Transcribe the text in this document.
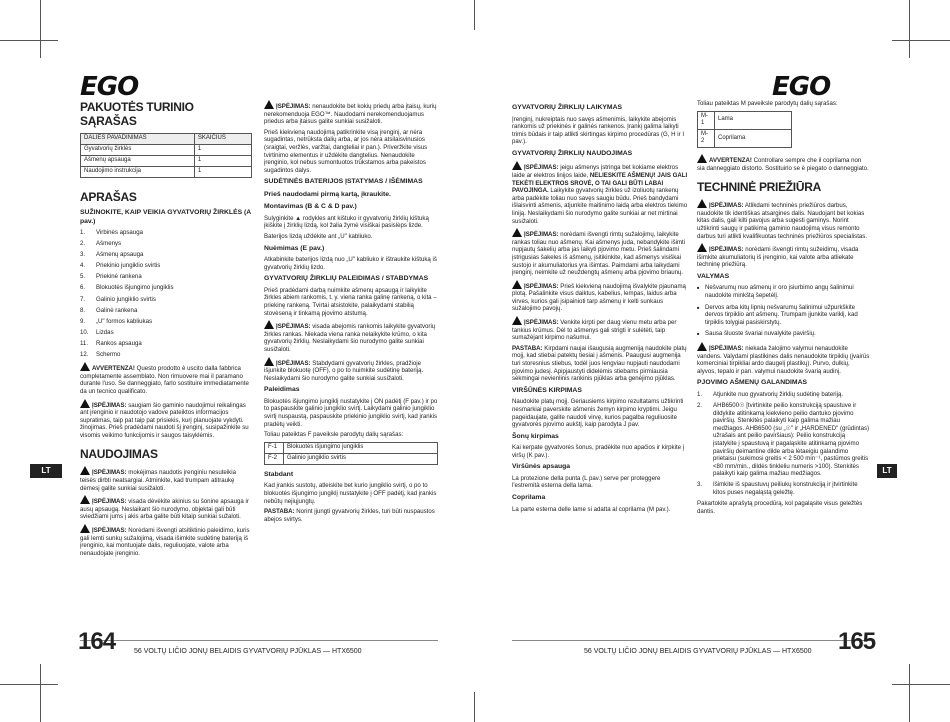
EGO	EGO
PAKUOTĖS TURINIO SĄRAŠAS
DALIES PAVADINIMAS	SKAIČIUS
Gyvatvorių žirklės	1
Ašmenų apsauga	1
Naudojimo instrukcija	1
APRAŠAS
SUŽINOKITE, KAIP VEIKIA GYVATVORIŲ ŽIRKLĖS (A pav.)
1. Virbinės apsauga
2. Ašmenys
3. Ašmenų apsauga
4. Priekinio jungiklio svirtis
5. Priekinė rankena
6. Blokuotės išjungimo jungiklis
7. Galinio jungiklio svirtis
8. Galinė rankena
9. „U" formos kabliukas
10. Lizdas
11. Rankos apsauga
12. Schermo

AVVERTENZA! Questo prodotto è uscito dalla fabbrica completamente assemblato. Non rimuovere mai il paramano durante l'uso. Se danneggiato, farlo sostituire immediatamente da un tecnico qualificato.

ĮSPĖJIMAS: saugiam šio gaminio naudojimui reikalingas ant įrenginio ir naudotojo vadove pateiktos informacijos supratimas, taip pat taip pat prisiekis, kurį planuojate vykdyti. žinojimas. Prieš pradėdami naudoti šį įrenginį, susipažinkite su visomis veikimo funkcijomis ir saugos taisyklėmis.

NAUDOJIMAS

ĮSPĖJIMAS: mokėjimas naudotis įrenginiu nesuteikia teisės dirbti neatsargiai. Atminkite, kad trumpam atitraukę dėmesį galite sunkiai susižaloti.

ĮSPĖJIMAS: visada dėvėkite akinius su šonine apsauga ir ausų apsaugą. Neslaikant šio nurodymo, objektai gali būti sviedžiami jums į akis arba galite būti kitaip sunkiai sužaloti.

ĮSPĖJIMAS: Norėdami išvengti atsitiktinio paleidimo, kuris gali lemti sunkų sužalojimą, visada išimkite sudėtinę bateriją iš įrenginio, kai montuojate dalis, reguliuojate, valote arba nenaudojate įrenginio.

ĮSPĖJIMAS: nenaudokite bet kokių priedų arba įtaisų, kurių nerekomenduoja EGO™. Naudodami nerekomenduojamus priedus arba įtaisus galite sunkiai susižaloti.

Prieš kiekvieną naudojimą patikrinkite visą įrenginį, ar nėra sugadintas, netrūksta dalių arba, ar jos nėra atsilaisvinusios (sraigtai, veržlės, varžtai, dangteliai ir pan.). Priveržkite visus tvirtinimo elementus ir uždėkite dangtelius. Nenaudokite įrenginio, kol nebus sumontuotos trūkstamos arba pakeistos sugadintos dalys.

SUDĖTINĖS BATERIJOS ĮSTATYMAS / IŠĖMIMAS
Prieš naudodami pirmą kartą, įkraukite.
Montavimas (B & C & D pav.)

Sulyginkite ▲ rodykles ant kištuko ir gyvatvorių žirklių kištuką įkiškite į žirklių lizdą, kol žalia žymė visiškai pasislėps lizde.

Baterijos lizdą uždėkite ant „U" kabliuko.

Nuėmimas (E pav.)

Atkabinkite baterijos lizdą nuo „U" kabliuko ir ištraukite kištuką iš gyvatvorių žirklių lizdo.

GYVATVORIŲ ŽIRKLIŲ PALEIDIMAS / STABDYMAS

Prieš pradėdami darbą nuimkite ašmenų apsaugą ir laikykite žirkles abiem rankomis, t. y. viena ranka galinę rankeną, o kita – priekinę rankeną. Tvirtai atsistokite, palaikydami stabilią stovėseną ir tinkamą pjovimo atstumą.

ĮSPĖJIMAS: visada abejomis rankomis laikykite gyvatvorių žirkles rankas. Niekada viena ranka nelaikykite krūmo, o kita gyvatvorių žirklių. Neslaikydami šio nurodymo galite sunkiai susižaloti.

ĮSPĖJIMAS: Stabdydami gyvatvorių žirkles, pradžioje išjunkite blokuotę (OFF), o po to nuimkite sudėtinę bateriją. Neslaikydami šio nurodymo galite sunkiai susižaloti.

Paleidimas

Blokuotės išjungimo jungiklį nustatykite į ON padėtį (F pav.) ir po to paspauskite galinio jungiklio svirtį. Laikydami galinio jungiklio svirtį nuspaustą, paspauskite priekinio jungiklio svirtį, kad įrankis pradėtų veikti.

Toliau pateiktas F paveiksle parodytų dalių sąrašas:

F-1	Blokuotės išjungimo jungiklis
F-2	Galinio jungiklio svirtis
Stabdant

Kad įrankis sustotų, atleiskite bet kurio jungiklio svirtį, o po to blokuotės išjungimo jungiklį nustatykite į OFF padėtį, kad įrankis nebūtų nejiųjungtų.

PASTABA: Norint įjungti gyvatvorių žirkles, turi būti nuspaustos abejos svirtys.

GYVATVORIŲ ŽIRKLIŲ LAIKYMAS

Įrenginį, nukreiptais nuo savęs ašmenimis, laikykite abejomis rankomis už priekinės ir galinės rankenos. Įrankį galima laikyti trimis būdais ir taip atlikti skirtingas kirpimo procedūras (G, H ir I pav.).

GYVATVORIŲ ŽIRKLIŲ NAUDOJIMAS

ĮSPĖJIMAS: jeigu ašmenys įstringa bet kokiame elektros laide ar elektros linijos laide, NELIESKITE AŠMENŲ! JAIS GALI TEKĖTI ELEKTROS SROVĖ, O TAI GALI BŪTI LABAI PAVOJINGA. Laikykite gyvatvorių žirkles už izoliuotų rankenų arba padėkite toliau nuo savęs saugiu būdu. Prieš bandydami išlaisvinti ašmenis, atjunkite maitinimo laidą arba elektros tiekimo liniją. Neslaikydami šio nurodymo galite sunkiai ar net mirtinai susižaloti.

ĮSPĖJIMAS: norėdami išvengti rimtų sužalojimų, laikykite rankas toliau nuo ašmenų. Kai ašmenys juda, nebandykite išimti nupjautų šakelių arba jas laikyti pjovimo metu. Prieš šalindami įstrigusias šakeles iš ašmenų, įsitikinkite, kad ašmenys visiškai sustojo ir akumuliatorius yra išimtas. Paimdami arba laikydami įrenginį, neimkite už neuždengtų ašmenų arba pjovimo briaunų.

ĮSPĖJIMAS: Prieš kiekvieną naudojimą išvalykite pjaunamą plotą. Pašalinkite visus daiktus, kabelius, lempas, laidus arba virves, kurios gali įsipainioti tarp ašmenų ir kelti sunkaus sužalojimo pavojų.

ĮSPĖJIMAS: Venkite kirpti per daug vienu metu arba per tankius krūmus. Dėl to ašmenys gali strigti ir sulėtėti, taip sumažėjant kirpimo našumui.

PASTABA: Kirpdami naujai išaugusią augmeniją naudokite platų mojį, kad stiebai patektų tiesiai į ašmenis. Paaugusi augmenija turi storesnius stiebus, todėl juos lengviau nupjauti naudodami pjovimo judesį. Apipjaustyti didelėmis stiebams pirmiausia sėkmingai nevienlinis rankinis pjūklas arba genėjimo pjūklas.

VIRŠŪNĖS KIRPIMAS

Naudokite platų mojį. Geriausiems kirpimo rezultatams užtikrinti nesmarkiai paverskite ašmenis žemyn kirpimo kryptimi. Jeigu pageidaujate, galite naudoti virvę, kurios pagalba reguliuosite gyvatvorės pjovimo aukštį, kaip parodyta J pav.

Šonų kirpimas

Kai kerpate gyvatvorės šonus, pradėkite nuo apačios ir kirpkite į viršų (K pav.).

Viršūnės apsauga

La protezione della punta (L pav.) serve per proteggere l'estremità esterna della lama.

Coprilama

La parte esterna delle lame si adatta al coprilama (M pav.).

Toliau pateiktas M paveiksle parodytų dalių sąrašas:

M-1	Lama
M-2	Coprilama

AVVERTENZA! Controllare sempre che il coprilama non sia danneggiato distorto. Sostituirlo se è piegato o danneggiato.

TECHNINĖ PRIEŽIŪRA

ĮSPĖJIMAS: Atlikdami techninės priežiūros darbus, naudokite tik identiškas atsargines dalis. Naudojant bet kokias kitas dalis, gali kilti pavojus arba sugesti gaminys. Norint užtikrinti saugų ir patikimą gaminio naudojimą visus remonto darbus turi atlikti kvalifikuotas techninės priežiūros specialistas.

ĮSPĖJIMAS: norėdami išvengti rimtų sužeidimų, visada išimkite akumuliatorių iš įrenginio, kai valote arba atliekate techninę priežiūrą.

VALYMAS
■ Nešvarumų nuo ašmenų ir oro įsiurbimo angų šalinimui naudokite minkštą šepetėlį.
■ Dervos arba kitų lipnių nešvarumų šalinimui užpurkškite dervos tirpiklio ant ašmenų. Trumpam įjunkite variklį, kad tirpiklis tolygiai pasiskirstytų.
■ Sausa šluoste švariai nuvalykite paviršių.

ĮSPĖJIMAS: niekada žalojimo valymui nenaudokite vandens. Valydami plastikines dalis nenaudokite tirpiklių (įvairūs komerciniai tirpikliai ardo daugelį plastikų). Purvo, dulkių, alyvos, tepalo ir pan. valymui naudokite švarią audinį.

PJOVIMO AŠMENŲ GALANDIMAS
1. Atjunkite nuo gyvatvorių žirklių sudėtinę bateriją.
2. AHB6500☉ [tvirtinkite peilio konstrukciją spaustuve ir dildykite atitinkamą kiekvieno peilio dantuko pjovimo paviršių. Stenkitės palaikyti kaip galima mažiau medžiagos. AHB6500 (su „☉" ir „HARDENED" (grūdintas) užrašais ant peilio paviršiaus): Peilio konstrukciją įstatykite į spaustuvą ir pagaląskite atitinkamą pjovimo paviršių deimantine dilde arba lėtaeigiu galandimo prietaisu (sukimosi greitis < 2 500 min⁻¹, pastūmos greitis <80 mm/min., dildės tinkleliu numeris >100). Stenkitės palaikyti kaip galima mažiau medžiagos.
3. Išimkite iš spaustuvų peiliukų konstrukciją ir įtvirtinkite kitos puses negaląstą geležtę.

Pakartokite aprašytą procedūrą, kol pagaląsite visus geležtės dantis.

LT	LT
164	56 VOLTŲ LIČIO JONŲ BELAIDIS GYVATVORIŲ PJŪKLAS — HTX6500	56 VOLTŲ LIČIO JONŲ BELAIDIS GYVATVORIŲ PJŪKLAS — HTX6500 165
